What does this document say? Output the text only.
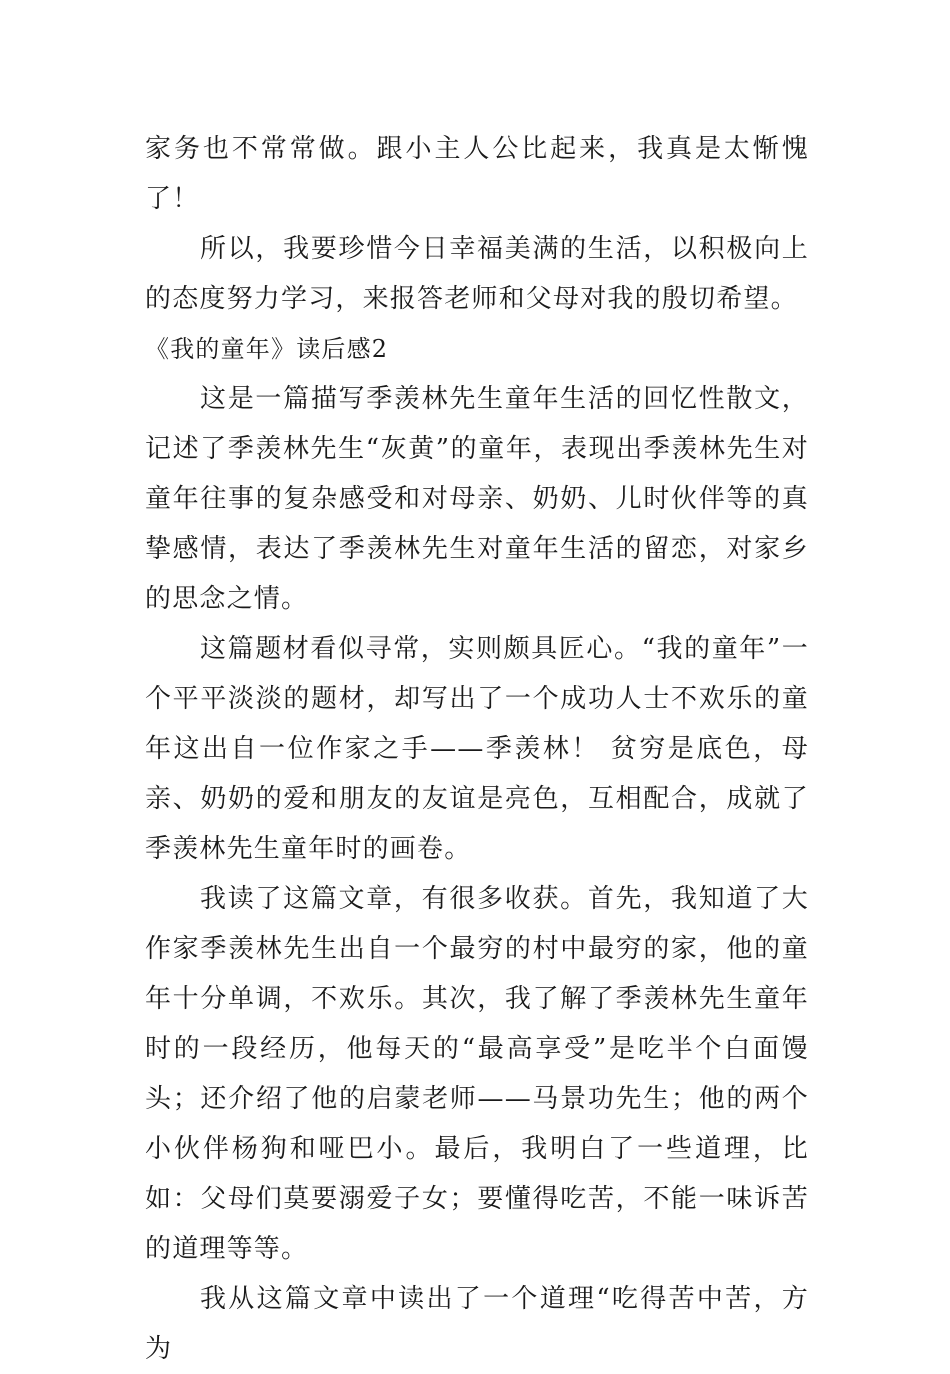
家务也不常常做。跟小主人公比起来，我真是太惭愧了！

所以，我要珍惜今日幸福美满的生活，以积极向上的态度努力学习，来报答老师和父母对我的殷切希望。

《我的童年》读后感2

这是一篇描写季羡林先生童年生活的回忆性散文，记述了季羡林先生“灰黄”的童年，表现出季羡林先生对童年往事的复杂感受和对母亲、奶奶、儿时伙伴等的真挚感情，表达了季羡林先生对童年生活的留恋，对家乡的思念之情。

这篇题材看似寻常，实则颇具匠心。“我的童年”一个平平淡淡的题材，却写出了一个成功人士不欢乐的童年这出自一位作家之手——季羡林！ 贫穷是底色，母亲、奶奶的爱和朋友的友谊是亮色，互相配合，成就了季羡林先生童年时的画卷。

我读了这篇文章，有很多收获。首先，我知道了大作家季羡林先生出自一个最穷的村中最穷的家，他的童年十分单调，不欢乐。其次，我了解了季羡林先生童年时的一段经历，他每天的“最高享受”是吃半个白面馒头；还介绍了他的启蒙老师——马景功先生；他的两个小伙伴杨狗和哑巴小。最后，我明白了一些道理，比如：父母们莫要溺爱子女；要懂得吃苦，不能一味诉苦的道理等等。

我从这篇文章中读出了一个道理“吃得苦中苦，方为
